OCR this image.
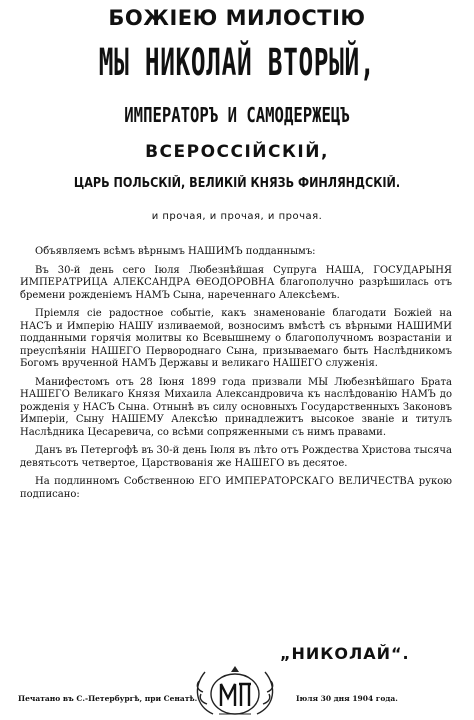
БОЖІЕЮ МИЛОСТІЮ
МЫ НИКОЛАЙ ВТОРЫЙ,
ИМПЕРАТОРЪ И САМОДЕРЖЕЦЪ
ВСЕРОССІЙСКІЙ,
ЦАРЬ ПОЛЬСКІЙ, ВЕЛИКІЙ КНЯЗЬ ФИНЛЯНДСКІЙ.
и прочая, и прочая, и прочая.

Объявляемъ всѣмъ вѣрнымъ НАШИМЪ подданнымъ:

Въ 30-й день сего Іюля Любезнѣйшая Супруга НАША, ГОСУДАРЫНЯ ИМПЕРАТРИЦА АЛЕКСАНДРА ѲЕОДОРОВНА благополучно разрѣшилась отъ бремени рожденіемъ НАМЪ Сына, нареченнаго Алексѣемъ.

Пріемля сіе радостное событіе, какъ знаменованіе благодати Божіей на НАСЪ и Имперію НАШУ изливаемой, возносимъ вмѣстѣ съ вѣрными НАШИМИ подданными горячія молитвы ко Всевышнему о благополучномъ возрастаніи и преуспѣяніи НАШЕГО Первороднаго Сына, призываемаго быть Наслѣдникомъ Богомъ врученной НАМЪ Державы и великаго НАШЕГО служенія.

Манифестомъ отъ 28 Іюня 1899 года призвали МЫ Любезнѣйшаго Брата НАШЕГО Великаго Князя Михаила Александровича къ наслѣдованію НАМЪ до рожденія у НАСЪ Сына. Отнынѣ въ силу основныхъ Государственныхъ Законовъ Имперіи, Сыну НАШЕМУ Алексѣю принадлежитъ высокое званіе и титулъ Наслѣдника Цесаревича, со всѣми сопряженными съ нимъ правами.

Данъ въ Петергофѣ въ 30-й день Іюля въ лѣто отъ Рождества Христова тысяча девятьсотъ четвертое, Царствованія же НАШЕГО въ десятое.

На подлинномъ Собственною ЕГО ИМПЕРАТОРСКАГО ВЕЛИЧЕСТВА рукою подписано:

„НИКОЛАЙ“.
Печатано въ С.-Петербургѣ, при Сенатѣ.	Іюля 30 дня 1904 года.
